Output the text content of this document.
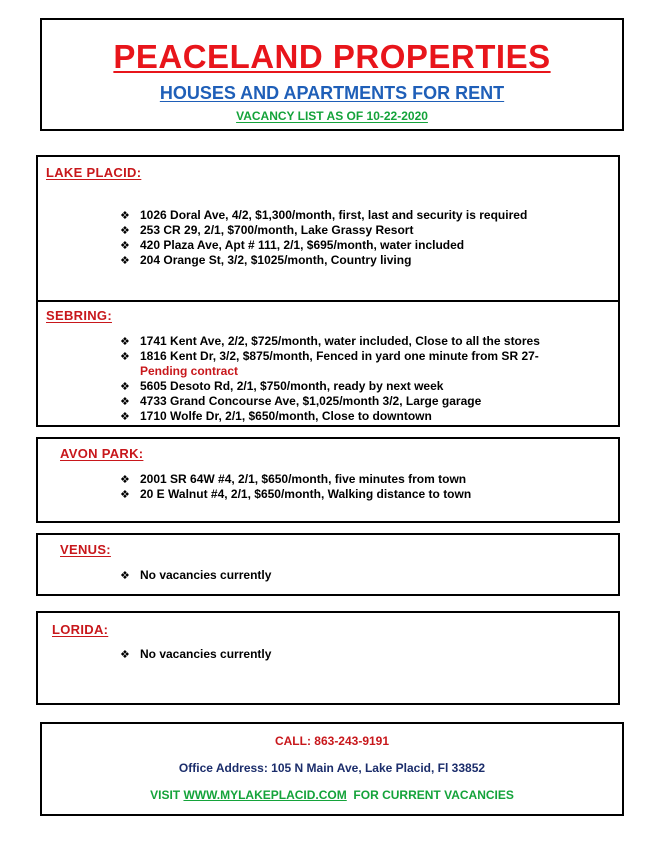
PEACELAND PROPERTIES
HOUSES AND APARTMENTS FOR RENT
VACANCY LIST AS OF 10-22-2020
LAKE PLACID:
❖ 1026 Doral Ave, 4/2, $1,300/month, first, last and security is required
❖ 253 CR 29, 2/1, $700/month, Lake Grassy Resort
❖ 420 Plaza Ave, Apt # 111, 2/1, $695/month, water included
❖ 204 Orange St, 3/2, $1025/month, Country living
SEBRING:
❖ 1741 Kent Ave, 2/2, $725/month, water included, Close to all the stores
❖ 1816 Kent Dr, 3/2, $875/month, Fenced in yard one minute from SR 27-
Pending contract
❖ 5605 Desoto Rd, 2/1, $750/month, ready by next week
❖ 4733 Grand Concourse Ave, $1,025/month 3/2, Large garage
❖ 1710 Wolfe Dr, 2/1, $650/month, Close to downtown
AVON PARK:
❖ 2001 SR 64W #4, 2/1, $650/month, five minutes from town
❖ 20 E Walnut #4, 2/1, $650/month, Walking distance to town
VENUS:
❖ No vacancies currently
LORIDA:
❖ No vacancies currently
CALL: 863-243-9191
Office Address: 105 N Main Ave, Lake Placid, Fl 33852
VISIT WWW.MYLAKEPLACID.COM  FOR CURRENT VACANCIES
